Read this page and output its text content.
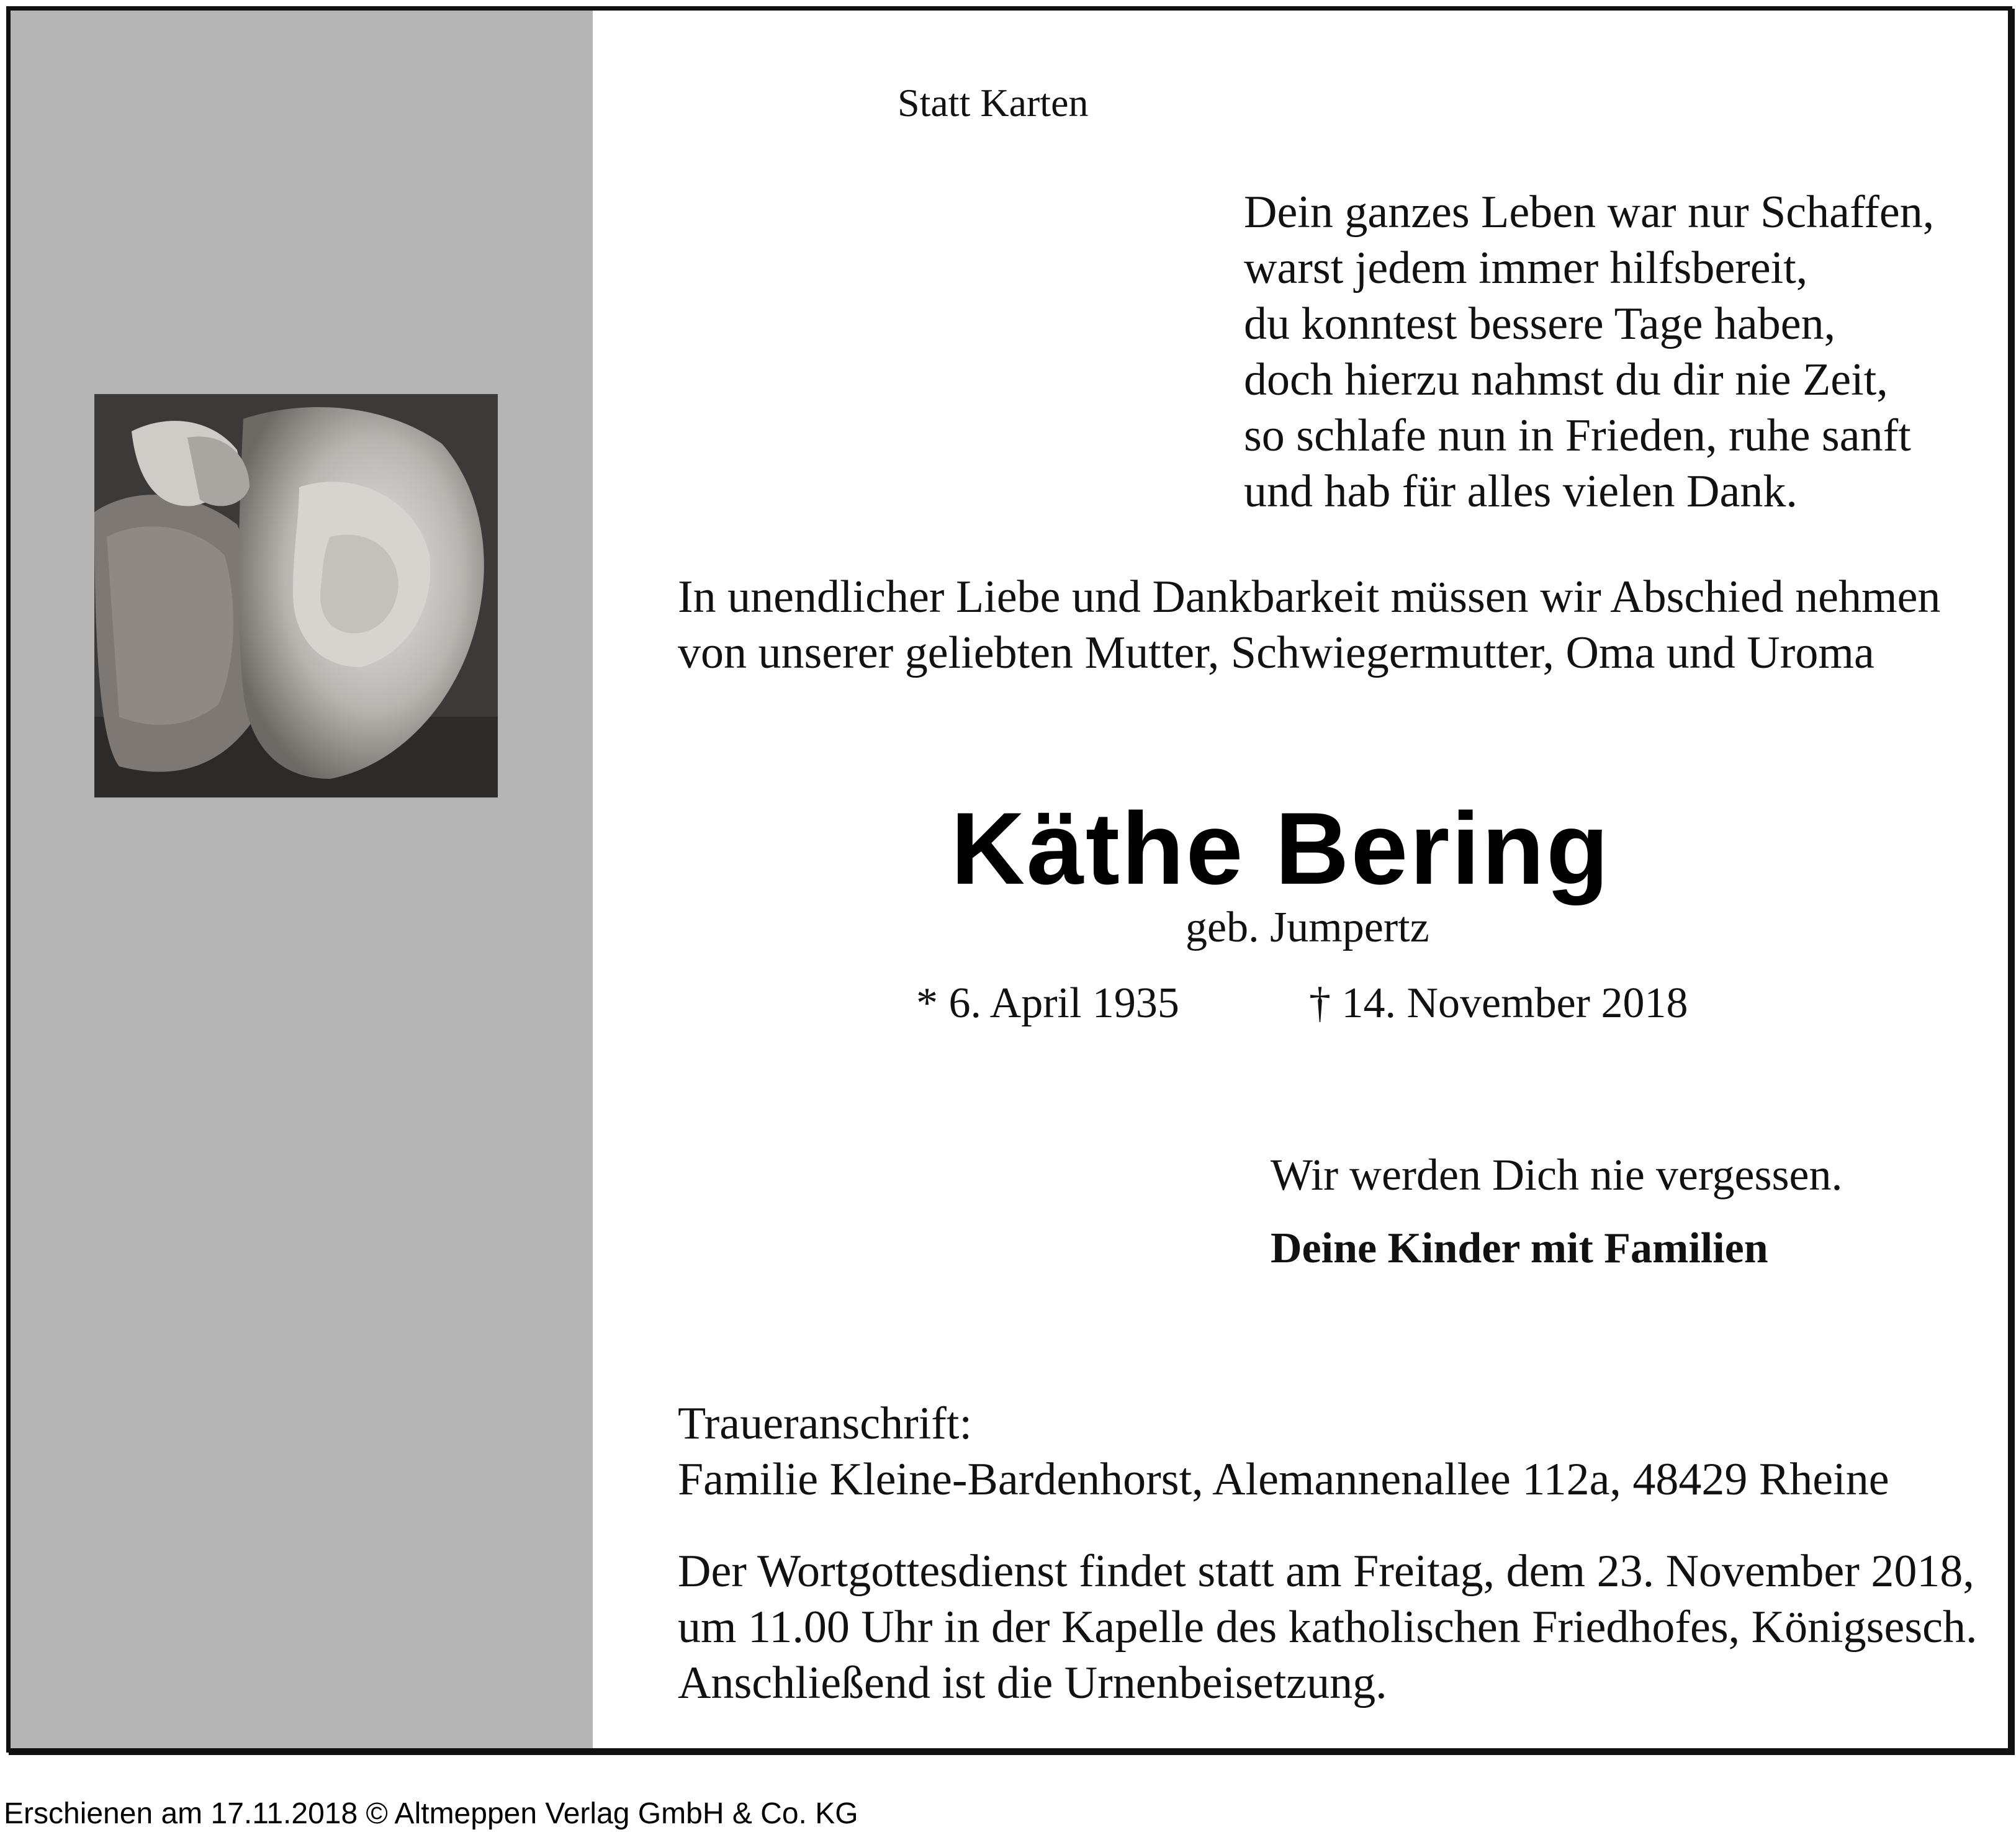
Statt Karten
Dein ganzes Leben war nur Schaffen,
warst jedem immer hilfsbereit,
du konntest bessere Tage haben,
doch hierzu nahmst du dir nie Zeit,
so schlafe nun in Frieden, ruhe sanft
und hab für alles vielen Dank.
In unendlicher Liebe und Dankbarkeit müssen wir Abschied nehmen
von unserer geliebten Mutter, Schwiegermutter, Oma und Uroma
Käthe Bering
geb. Jumpertz
* 6. April 1935	† 14. November 2018
Wir werden Dich nie vergessen.
Deine Kinder mit Familien
Traueranschrift:
Familie Kleine-Bardenhorst, Alemannenallee 112a, 48429 Rheine
Der Wortgottesdienst findet statt am Freitag, dem 23. November 2018,
um 11.00 Uhr in der Kapelle des katholischen Friedhofes, Königsesch.
Anschließend ist die Urnenbeisetzung.
Erschienen am 17.11.2018 © Altmeppen Verlag GmbH & Co. KG
